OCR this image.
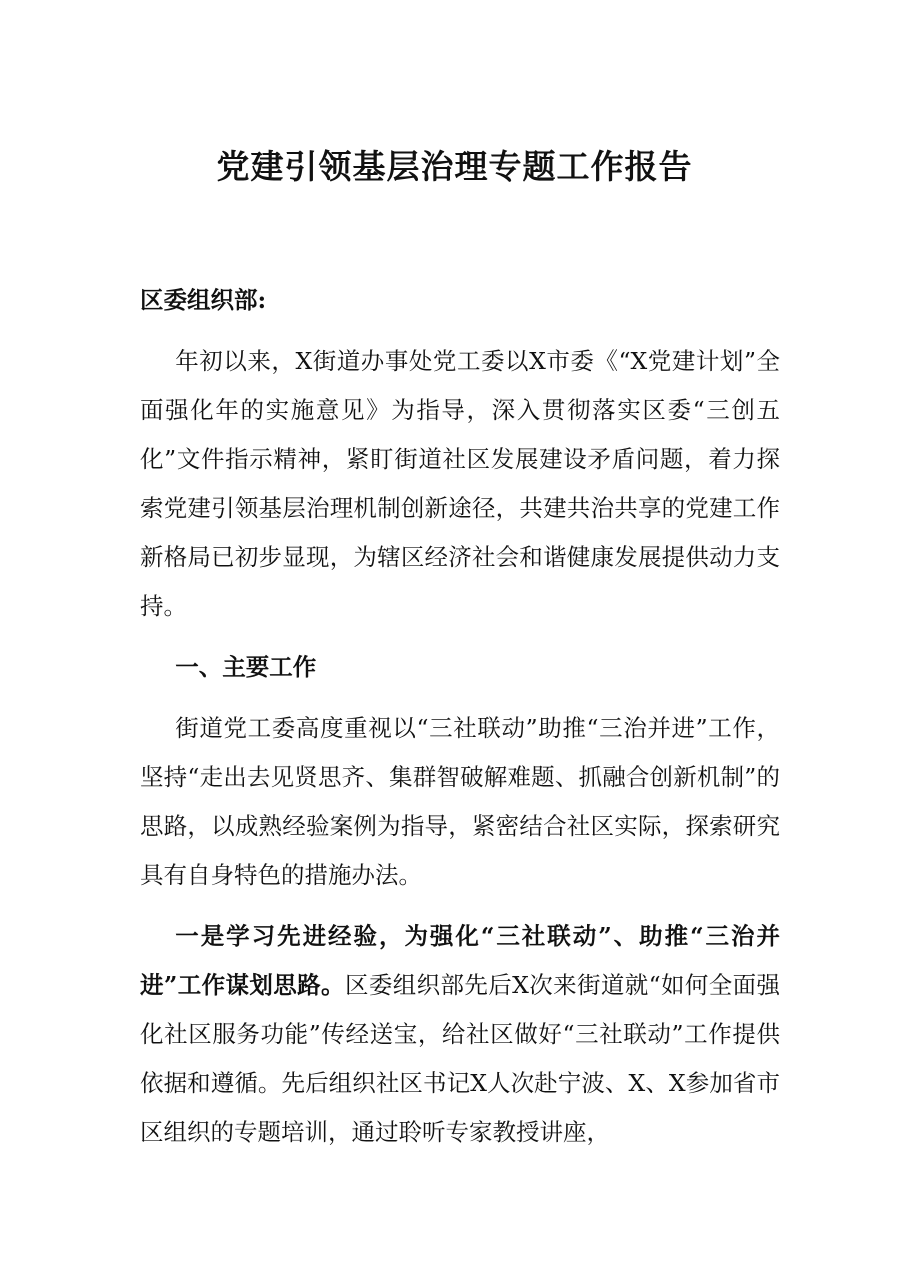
党建引领基层治理专题工作报告
区委组织部:
年初以来，X街道办事处党工委以X市委《“X党建计划”全面强化年的实施意见》为指导，深入贯彻落实区委“三创五化”文件指示精神，紧盯街道社区发展建设矛盾问题，着力探索党建引领基层治理机制创新途径，共建共治共享的党建工作新格局已初步显现，为辖区经济社会和谐健康发展提供动力支持。
一、主要工作
街道党工委高度重视以“三社联动”助推“三治并进”工作，坚持“走出去见贤思齐、集群智破解难题、抓融合创新机制”的思路，以成熟经验案例为指导，紧密结合社区实际，探索研究具有自身特色的措施办法。
一是学习先进经验，为强化“三社联动”、助推“三治并进”工作谋划思路。区委组织部先后X次来街道就“如何全面强化社区服务功能”传经送宝，给社区做好“三社联动”工作提供依据和遵循。先后组织社区书记X人次赴宁波、X、X参加省市区组织的专题培训，通过聆听专家教授讲座，
